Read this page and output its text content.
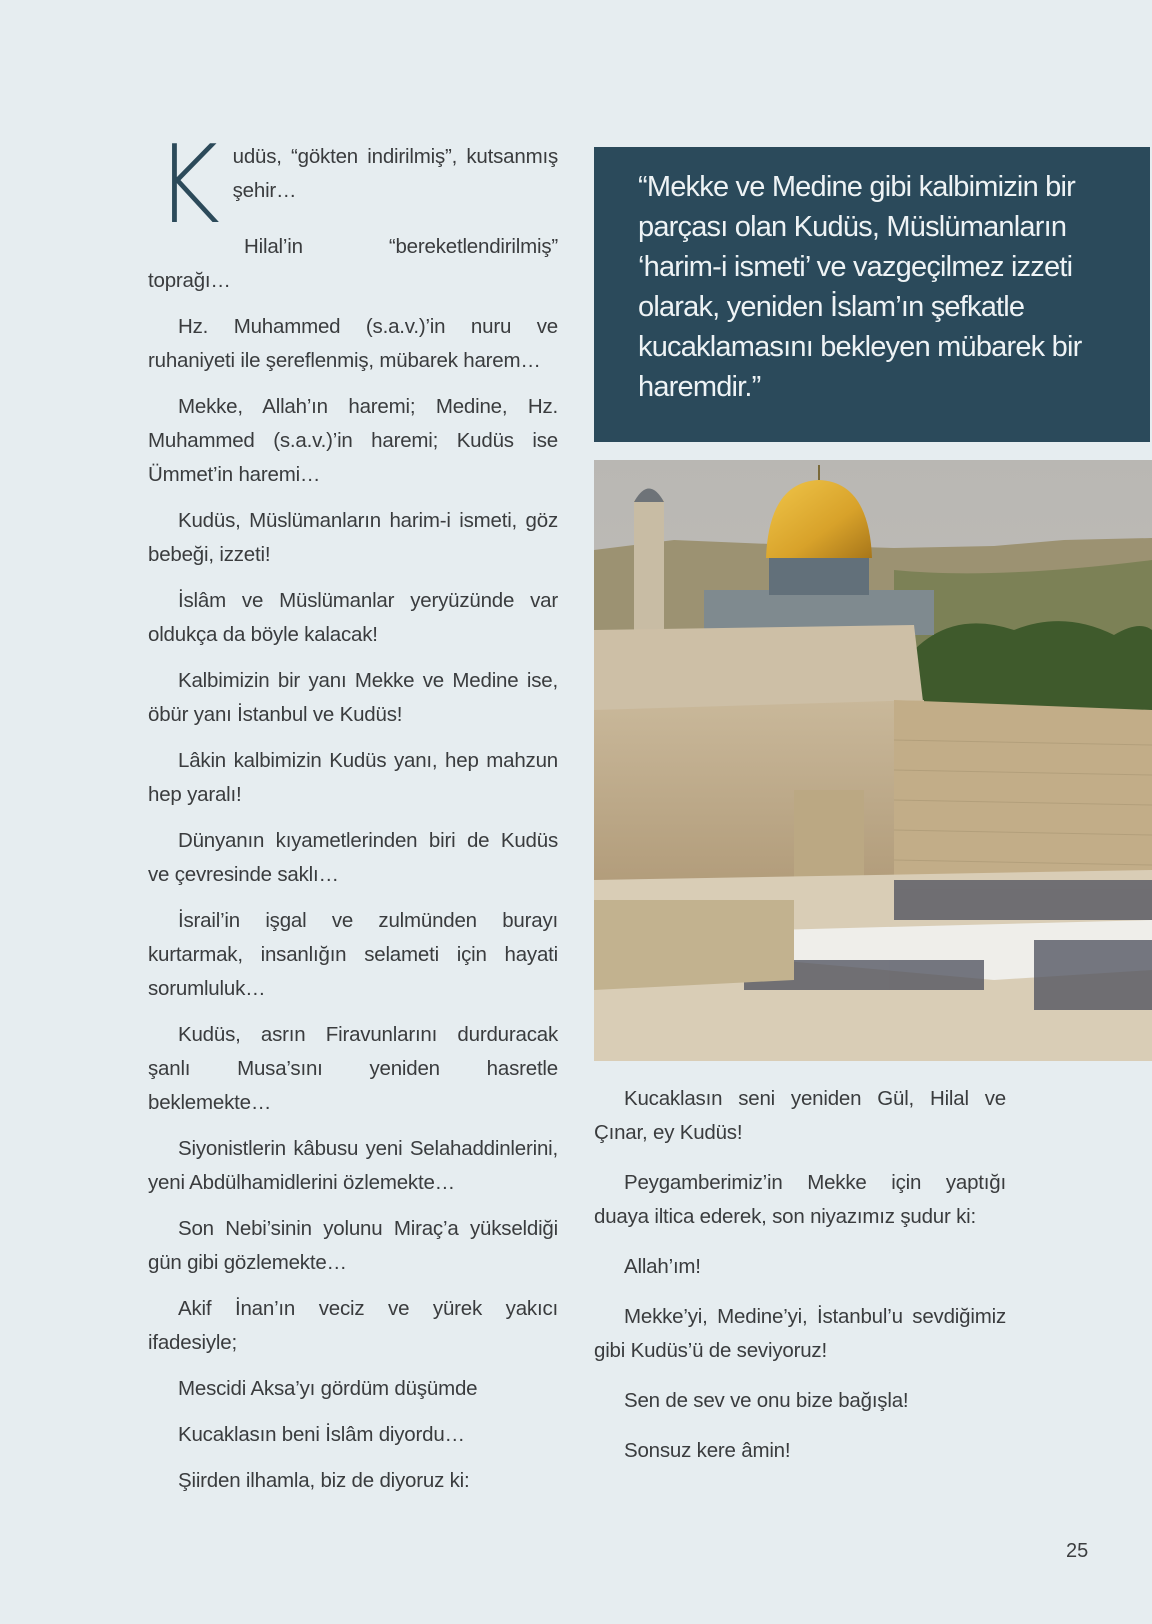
Kudüs, “gökten indirilmiş”, kutsanmış şehir…

Hilal’in “bereketlendirilmiş” toprağı…

Hz. Muhammed (s.a.v.)’in nuru ve ruhaniyeti ile şereflenmiş, mübarek harem…

Mekke, Allah’ın haremi; Medine, Hz. Muhammed (s.a.v.)’in haremi; Kudüs ise Ümmet’in haremi…

Kudüs, Müslümanların harim-i ismeti, göz bebeği, izzeti!

İslâm ve Müslümanlar yeryüzünde var oldukça da böyle kalacak!

Kalbimizin bir yanı Mekke ve Medine ise, öbür yanı İstanbul ve Kudüs!

Lâkin kalbimizin Kudüs yanı, hep mahzun hep yaralı!

Dünyanın kıyametlerinden biri de Kudüs ve çevresinde saklı…

İsrail’in işgal ve zulmünden burayı kurtarmak, insanlığın selameti için hayati sorumluluk…

Kudüs, asrın Firavunlarını durduracak şanlı Musa’sını yeniden hasretle beklemekte…

Siyonistlerin kâbusu yeni Selahaddinlerini, yeni Abdülhamidlerini özlemekte…

Son Nebi’sinin yolunu Miraç’a yükseldiği gün gibi gözlemekte…

Akif İnan’ın veciz ve yürek yakıcı ifadesiyle;

Mescidi Aksa’yı gördüm düşümde

Kucaklasın beni İslâm diyordu…

Şiirden ilhamla, biz de diyoruz ki:

“Mekke ve Medine gibi kalbimizin bir parçası olan Kudüs, Müslümanların ‘harim-i ismeti’ ve vazgeçilmez izzeti olarak, yeniden İslam’ın şefkatle kucaklamasını bekleyen mübarek bir haremdir.”

Kucaklasın seni yeniden Gül, Hilal ve Çınar, ey Kudüs!

Peygamberimiz’in Mekke için yaptığı duaya iltica ederek, son niyazımız şudur ki:

Allah’ım!

Mekke’yi, Medine’yi, İstanbul’u sevdiğimiz gibi Kudüs’ü de seviyoruz!

Sen de sev ve onu bize bağışla!

Sonsuz kere âmin!

25
